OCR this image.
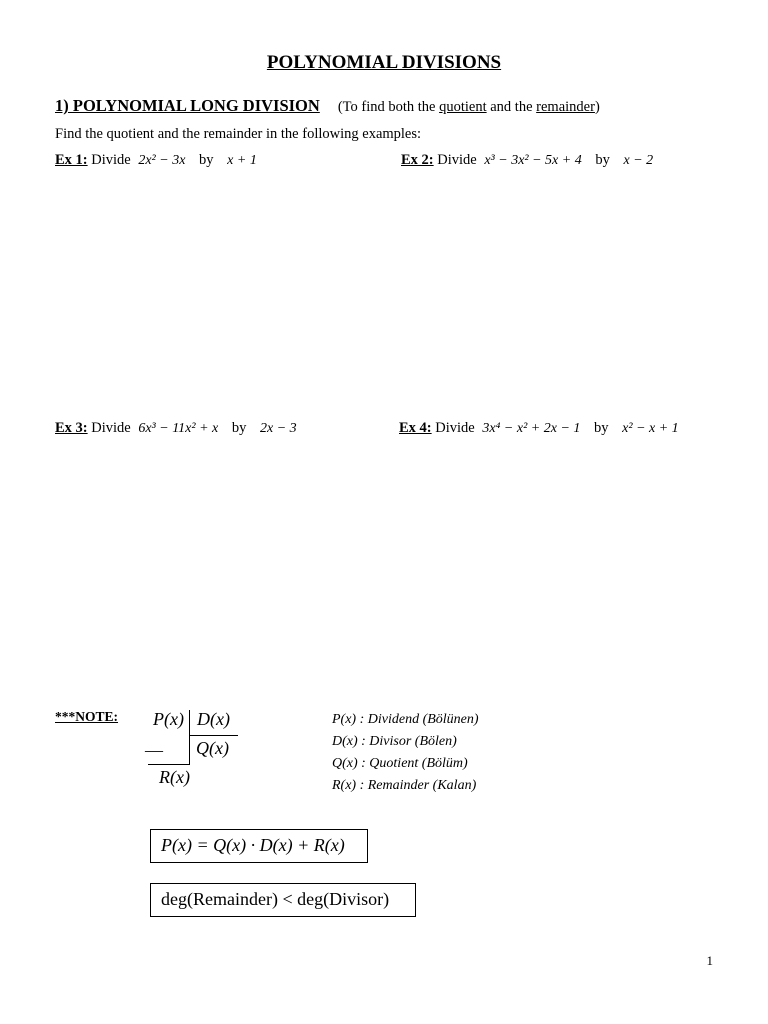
POLYNOMIAL DIVISIONS
1) POLYNOMIAL LONG DIVISION (To find both the quotient and the remainder)
Find the quotient and the remainder in the following examples:
Ex 1: Divide 2x² − 3x by x + 1	Ex 2: Divide x³ − 3x² − 5x + 4 by x − 2
Ex 3: Divide 6x³ − 11x² + x by 2x − 3	Ex 4: Divide 3x⁴ − x² + 2x − 1 by x² − x + 1
***NOTE: P(x) D(x)
Q(x)
—
R(x)
P(x) : Dividend (Bölünen)
D(x) : Divisor (Bölen)
Q(x) : Quotient (Bölüm)
R(x) : Remainder (Kalan)
P(x) = Q(x) · D(x) + R(x)
deg(Remainder) < deg(Divisor)
1
